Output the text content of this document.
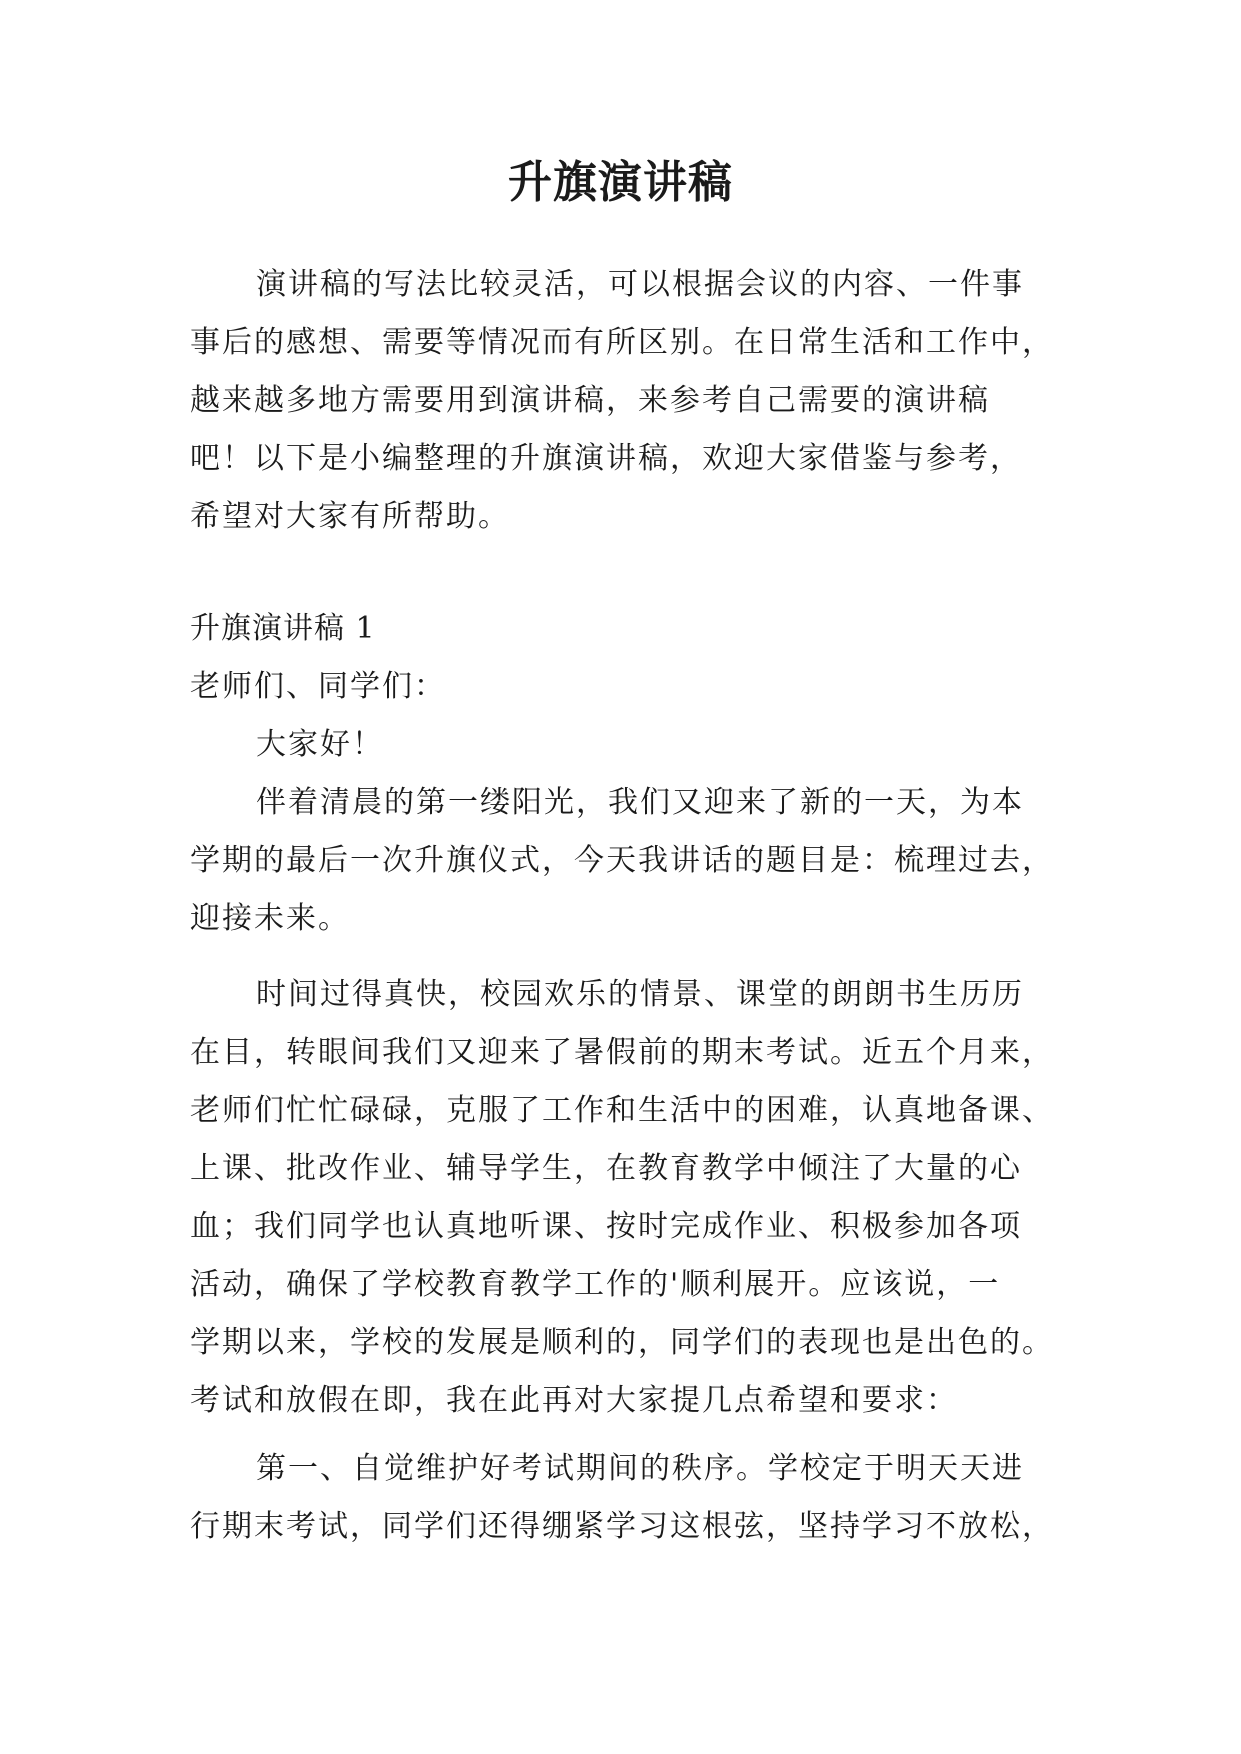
升旗演讲稿
演讲稿的写法比较灵活，可以根据会议的内容、一件事
事后的感想、需要等情况而有所区别。在日常生活和工作中，
越来越多地方需要用到演讲稿，来参考自己需要的演讲稿
吧！以下是小编整理的升旗演讲稿，欢迎大家借鉴与参考，
希望对大家有所帮助。
升旗演讲稿 1
老师们、同学们：
大家好！
伴着清晨的第一缕阳光，我们又迎来了新的一天，为本
学期的最后一次升旗仪式，今天我讲话的题目是：梳理过去，
迎接未来。
时间过得真快，校园欢乐的情景、课堂的朗朗书生历历
在目，转眼间我们又迎来了暑假前的期末考试。近五个月来，
老师们忙忙碌碌，克服了工作和生活中的困难，认真地备课、
上课、批改作业、辅导学生，在教育教学中倾注了大量的心
血；我们同学也认真地听课、按时完成作业、积极参加各项
活动，确保了学校教育教学工作的'顺利展开。应该说，一
学期以来，学校的发展是顺利的，同学们的表现也是出色的。
考试和放假在即，我在此再对大家提几点希望和要求：
第一、自觉维护好考试期间的秩序。学校定于明天天进
行期末考试，同学们还得绷紧学习这根弦，坚持学习不放松，
